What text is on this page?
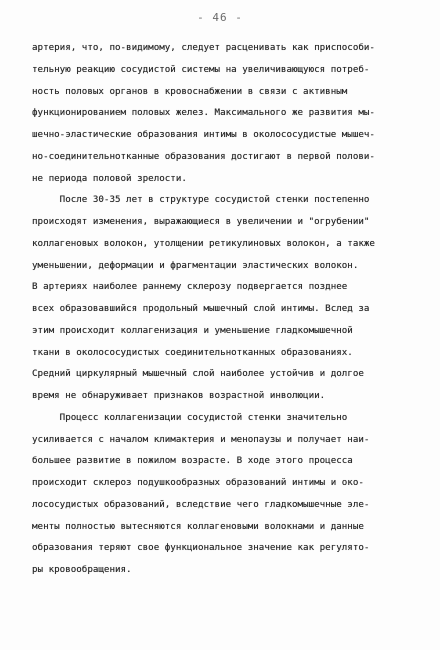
- 46 -
артерия, что, по-видимому, следует расценивать как приспособи-
тельную реакцию сосудистой системы на увеличивающуюся потреб-
ность половых органов в кровоснабжении в связи с активным
функционированием половых желез. Максимального же развития мы-
шечно-эластические образования интимы в околососудистые мышеч-
но-соединительнотканные образования достигают в первой полови-
не периода половой зрелости.
После 30-35 лет в структуре сосудистой стенки постепенно
происходят изменения, выражающиеся в увеличении и "огрубении"
коллагеновых волокон, утолщении ретикулиновых волокон, а также
уменьшении, деформации и фрагментации эластических волокон.
В артериях наиболее раннему склерозу подвергается позднее
всех образовавшийся продольный мышечный слой интимы. Вслед за
этим происходит коллагенизация и уменьшение гладкомышечной
ткани в околососудистых соединительнотканных образованиях.
Средний циркулярный мышечный слой наиболее устойчив и долгое
время не обнаруживает признаков возрастной инволюции.
Процесс коллагенизации сосудистой стенки значительно
усиливается с началом климактерия и менопаузы и получает наи-
большее развитие в пожилом возрасте. В ходе этого процесса
происходит склероз подушкообразных образований интимы и око-
лососудистых образований, вследствие чего гладкомышечные эле-
менты полностью вытесняются коллагеновыми волокнами и данные
образования теряют свое функциональное значение как регулято-
ры кровообращения.
